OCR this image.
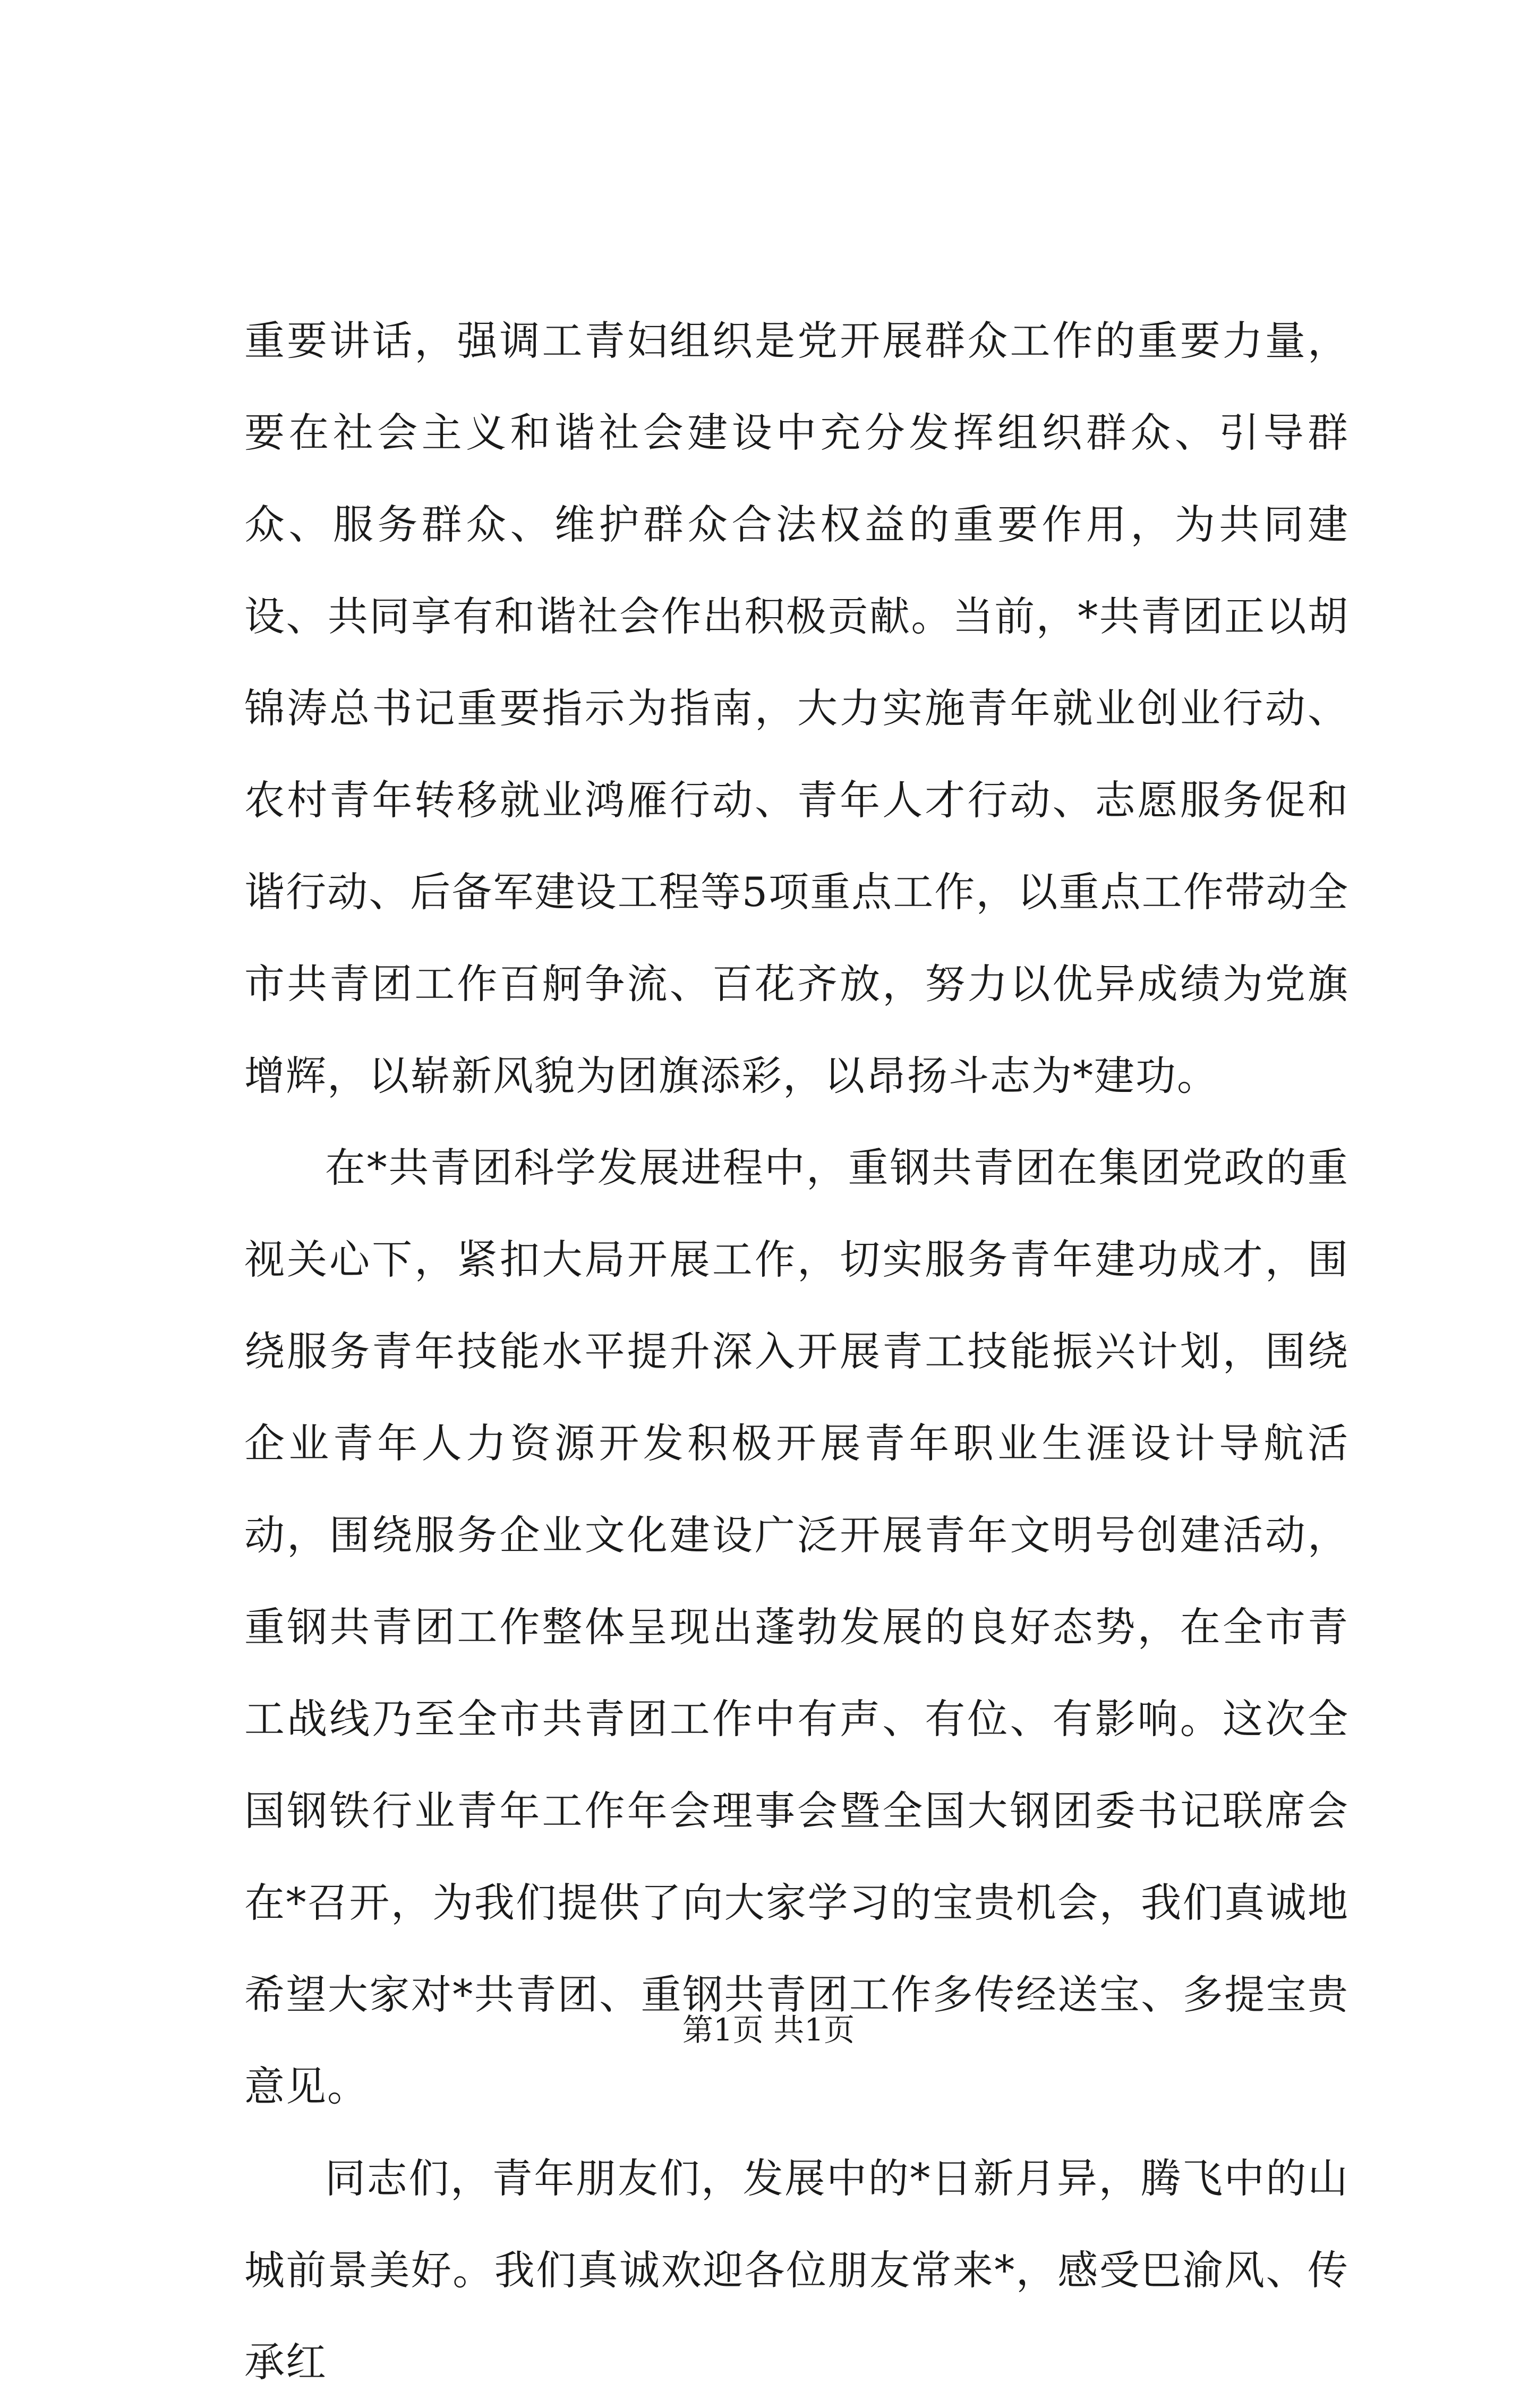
重要讲话，强调工青妇组织是党开展群众工作的重要力量，要在社会主义和谐社会建设中充分发挥组织群众、引导群众、服务群众、维护群众合法权益的重要作用，为共同建设、共同享有和谐社会作出积极贡献。当前，*共青团正以胡锦涛总书记重要指示为指南，大力实施青年就业创业行动、农村青年转移就业鸿雁行动、青年人才行动、志愿服务促和谐行动、后备军建设工程等5项重点工作，以重点工作带动全市共青团工作百舸争流、百花齐放，努力以优异成绩为党旗增辉，以崭新风貌为团旗添彩，以昂扬斗志为*建功。

在*共青团科学发展进程中，重钢共青团在集团党政的重视关心下，紧扣大局开展工作，切实服务青年建功成才，围绕服务青年技能水平提升深入开展青工技能振兴计划，围绕企业青年人力资源开发积极开展青年职业生涯设计导航活动，围绕服务企业文化建设广泛开展青年文明号创建活动，重钢共青团工作整体呈现出蓬勃发展的良好态势，在全市青工战线乃至全市共青团工作中有声、有位、有影响。这次全国钢铁行业青年工作年会理事会暨全国大钢团委书记联席会在*召开，为我们提供了向大家学习的宝贵机会，我们真诚地希望大家对*共青团、重钢共青团工作多传经送宝、多提宝贵意见。

同志们，青年朋友们，发展中的*日新月异，腾飞中的山城前景美好。我们真诚欢迎各位朋友常来*，感受巴渝风、传承红

第1页 共1页
